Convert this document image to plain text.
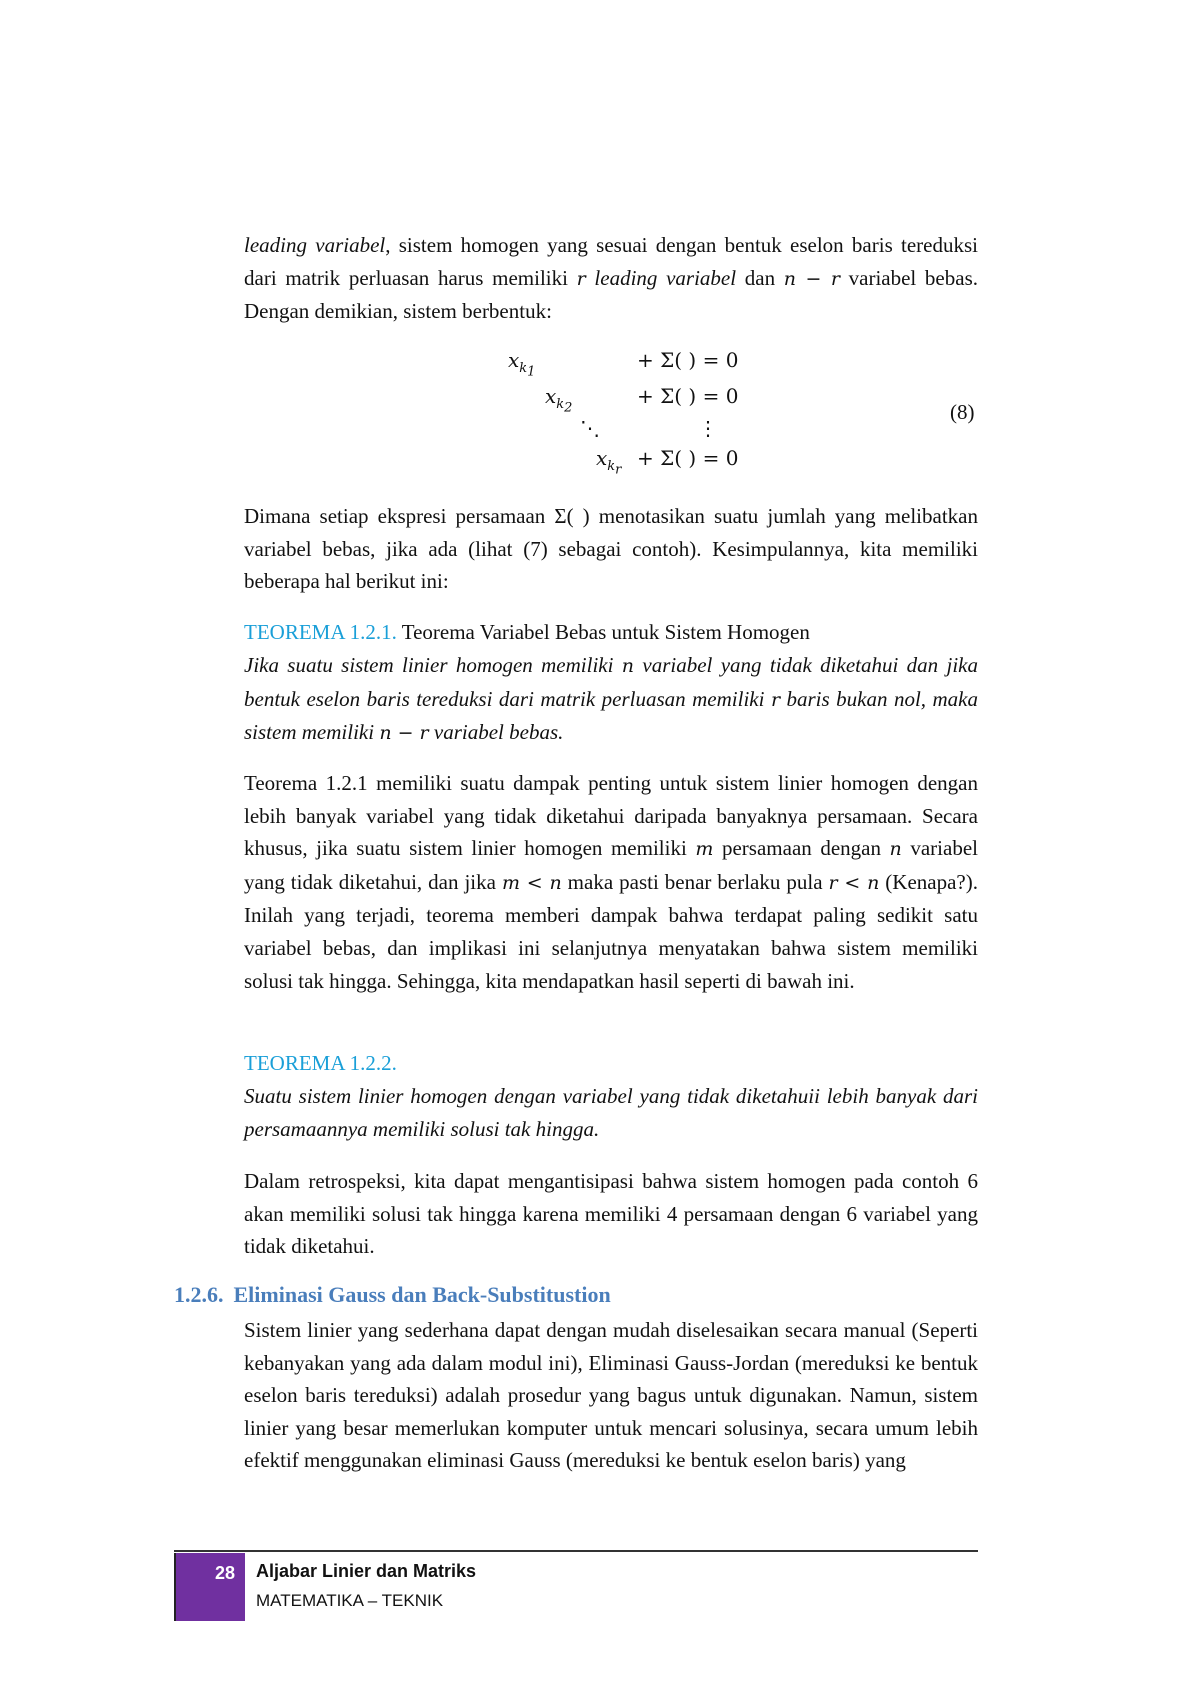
leading variabel, sistem homogen yang sesuai dengan bentuk eselon baris tereduksi dari matrik perluasan harus memiliki r leading variabel dan n − r variabel bebas. Dengan demikian, sistem berbentuk:
$x_{k_1}$
$x_{k_2}$
⋱
$x_{k_r}$
+ Σ( ) = 0
+ Σ( ) = 0
⋮
+ Σ( ) = 0
(8)
Dimana setiap ekspresi persamaan Σ( ) menotasikan suatu jumlah yang melibatkan variabel bebas, jika ada (lihat (7) sebagai contoh). Kesimpulannya, kita memiliki beberapa hal berikut ini:
TEOREMA 1.2.1. Teorema Variabel Bebas untuk Sistem Homogen
Jika suatu sistem linier homogen memiliki n variabel yang tidak diketahui dan jika bentuk eselon baris tereduksi dari matrik perluasan memiliki r baris bukan nol, maka sistem memiliki n − r variabel bebas.
Teorema 1.2.1 memiliki suatu dampak penting untuk sistem linier homogen dengan lebih banyak variabel yang tidak diketahui daripada banyaknya persamaan. Secara khusus, jika suatu sistem linier homogen memiliki m persamaan dengan n variabel yang tidak diketahui, dan jika m < n maka pasti benar berlaku pula r < n (Kenapa?). Inilah yang terjadi, teorema memberi dampak bahwa terdapat paling sedikit satu variabel bebas, dan implikasi ini selanjutnya menyatakan bahwa sistem memiliki solusi tak hingga. Sehingga, kita mendapatkan hasil seperti di bawah ini.
TEOREMA 1.2.2.
Suatu sistem linier homogen dengan variabel yang tidak diketahuii lebih banyak dari persamaannya memiliki solusi tak hingga.
Dalam retrospeksi, kita dapat mengantisipasi bahwa sistem homogen pada contoh 6 akan memiliki solusi tak hingga karena memiliki 4 persamaan dengan 6 variabel yang tidak diketahui.
1.2.6. Eliminasi Gauss dan Back-Substitustion
Sistem linier yang sederhana dapat dengan mudah diselesaikan secara manual (Seperti kebanyakan yang ada dalam modul ini), Eliminasi Gauss-Jordan (mereduksi ke bentuk eselon baris tereduksi) adalah prosedur yang bagus untuk digunakan. Namun, sistem linier yang besar memerlukan komputer untuk mencari solusinya, secara umum lebih efektif menggunakan eliminasi Gauss (mereduksi ke bentuk eselon baris) yang
28 Aljabar Linier dan Matriks
MATEMATIKA – TEKNIK
